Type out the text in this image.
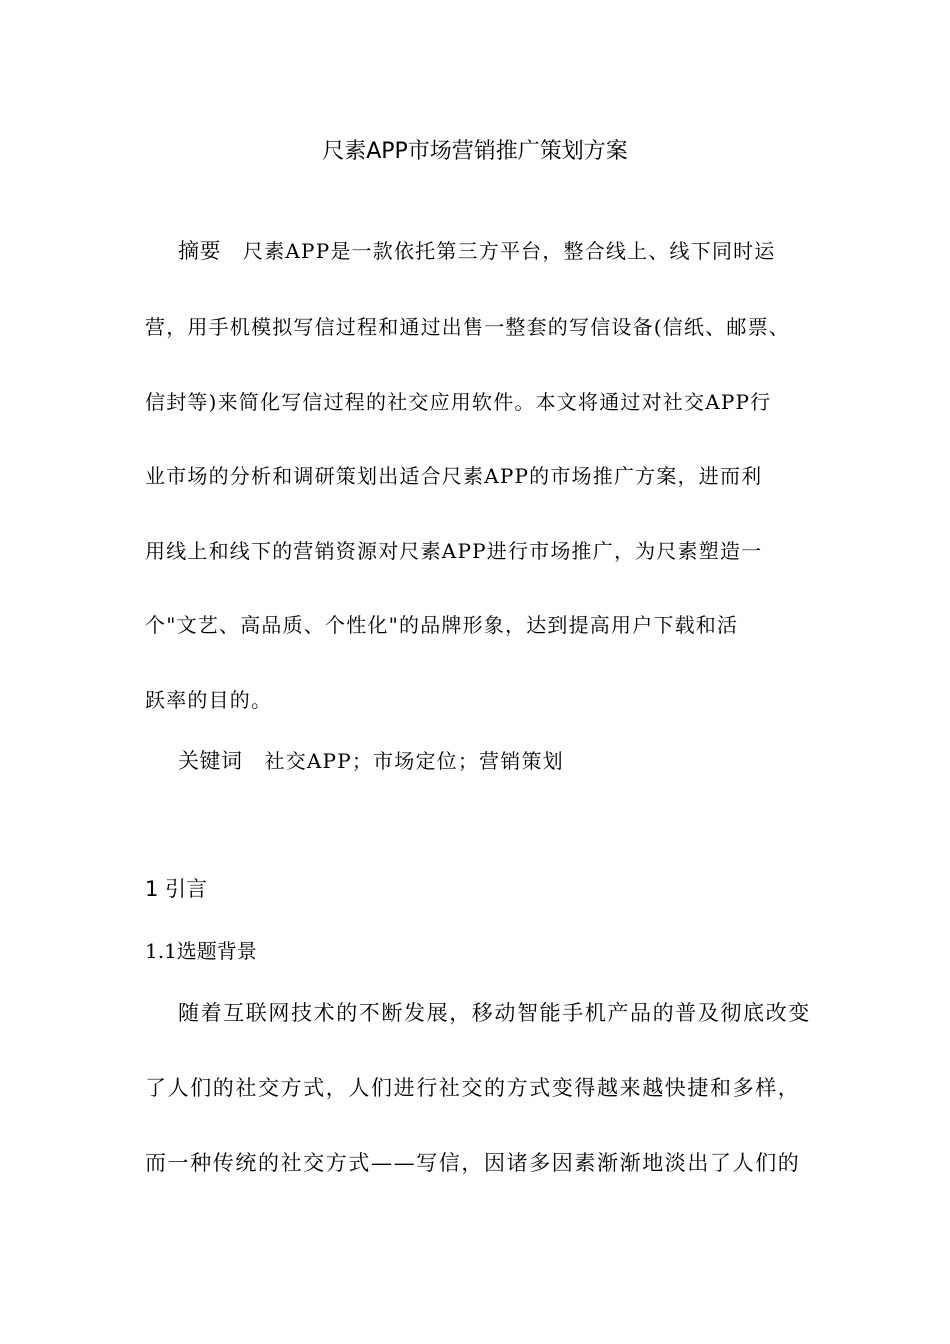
尺素APP市场营销推广策划方案
摘要 尺素APP是一款依托第三方平台，整合线上、线下同时运
营，用手机模拟写信过程和通过出售一整套的写信设备(信纸、邮票、
信封等)来简化写信过程的社交应用软件。本文将通过对社交APP行
业市场的分析和调研策划出适合尺素APP的市场推广方案，进而利
用线上和线下的营销资源对尺素APP进行市场推广，为尺素塑造一
个"文艺、高品质、个性化"的品牌形象，达到提高用户下载和活
跃率的目的。
关键词 社交APP；市场定位；营销策划
1 引言
1.1选题背景
随着互联网技术的不断发展，移动智能手机产品的普及彻底改变
了人们的社交方式，人们进行社交的方式变得越来越快捷和多样，
而一种传统的社交方式——写信，因诸多因素渐渐地淡出了人们的
